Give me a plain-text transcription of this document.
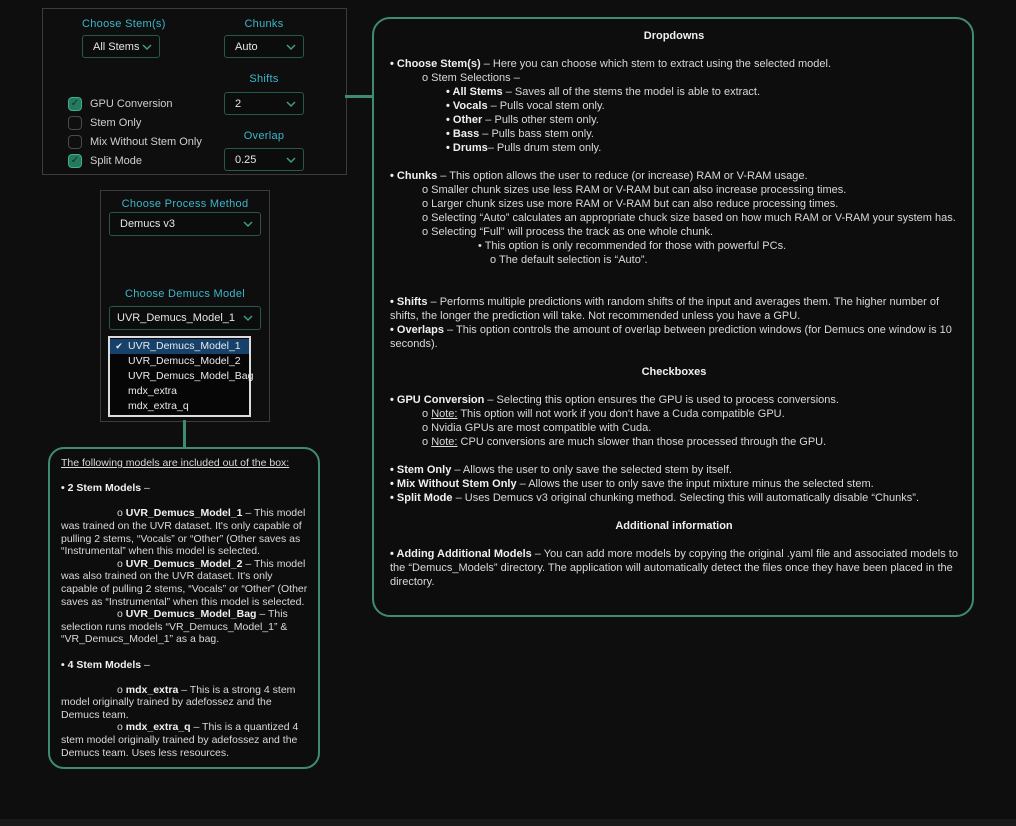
Choose Stem(s)
All Stems
Chunks
Auto
Shifts
2
Overlap
0.25
✓ GPU Conversion
Stem Only
Mix Without Stem Only
✓ Split Mode
Choose Process Method
Demucs v3
Choose Demucs Model
UVR_Demucs_Model_1
✔ UVR_Demucs_Model_1
UVR_Demucs_Model_2
UVR_Demucs_Model_Bag
mdx_extra
mdx_extra_q
The following models are included out of the box:

• 2 Stem Models –

o UVR_Demucs_Model_1 – This model was trained on the UVR dataset. It's only capable of pulling 2 stems, “Vocals” or “Other” (Other saves as “Instrumental” when this model is selected.
o UVR_Demucs_Model_2 – This model was also trained on the UVR dataset. It's only capable of pulling 2 stems, “Vocals” or “Other” (Other saves as “Instrumental” when this model is selected.
o UVR_Demucs_Model_Bag – This selection runs models “VR_Demucs_Model_1” & “VR_Demucs_Model_1” as a bag.

• 4 Stem Models –

o mdx_extra – This is a strong 4 stem model originally trained by adefossez and the Demucs team.
o mdx_extra_q – This is a quantized 4 stem model originally trained by adefossez and the Demucs team. Uses less resources.
Dropdowns

• Choose Stem(s) – Here you can choose which stem to extract using the selected model.
o Stem Selections –
• All Stems – Saves all of the stems the model is able to extract.
• Vocals – Pulls vocal stem only.
• Other – Pulls other stem only.
• Bass – Pulls bass stem only.
• Drums– Pulls drum stem only.

• Chunks – This option allows the user to reduce (or increase) RAM or V-RAM usage.
o Smaller chunk sizes use less RAM or V-RAM but can also increase processing times.
o Larger chunk sizes use more RAM or V-RAM but can also reduce processing times.
o Selecting “Auto” calculates an appropriate chuck size based on how much RAM or V-RAM your system has.
o Selecting “Full” will process the track as one whole chunk.
• This option is only recommended for those with powerful PCs.
o The default selection is “Auto”.

• Shifts – Performs multiple predictions with random shifts of the input and averages them. The higher number of shifts, the longer the prediction will take. Not recommended unless you have a GPU.
• Overlaps – This option controls the amount of overlap between prediction windows (for Demucs one window is 10 seconds).

Checkboxes

• GPU Conversion – Selecting this option ensures the GPU is used to process conversions.
o Note: This option will not work if you don't have a Cuda compatible GPU.
o Nvidia GPUs are most compatible with Cuda.
o Note: CPU conversions are much slower than those processed through the GPU.

• Stem Only – Allows the user to only save the selected stem by itself.
• Mix Without Stem Only – Allows the user to only save the input mixture minus the selected stem.
• Split Mode – Uses Demucs v3 original chunking method. Selecting this will automatically disable “Chunks”.

Additional information

• Adding Additional Models – You can add more models by copying the original .yaml file and associated models to the “Demucs_Models” directory. The application will automatically detect the files once they have been placed in the directory.
